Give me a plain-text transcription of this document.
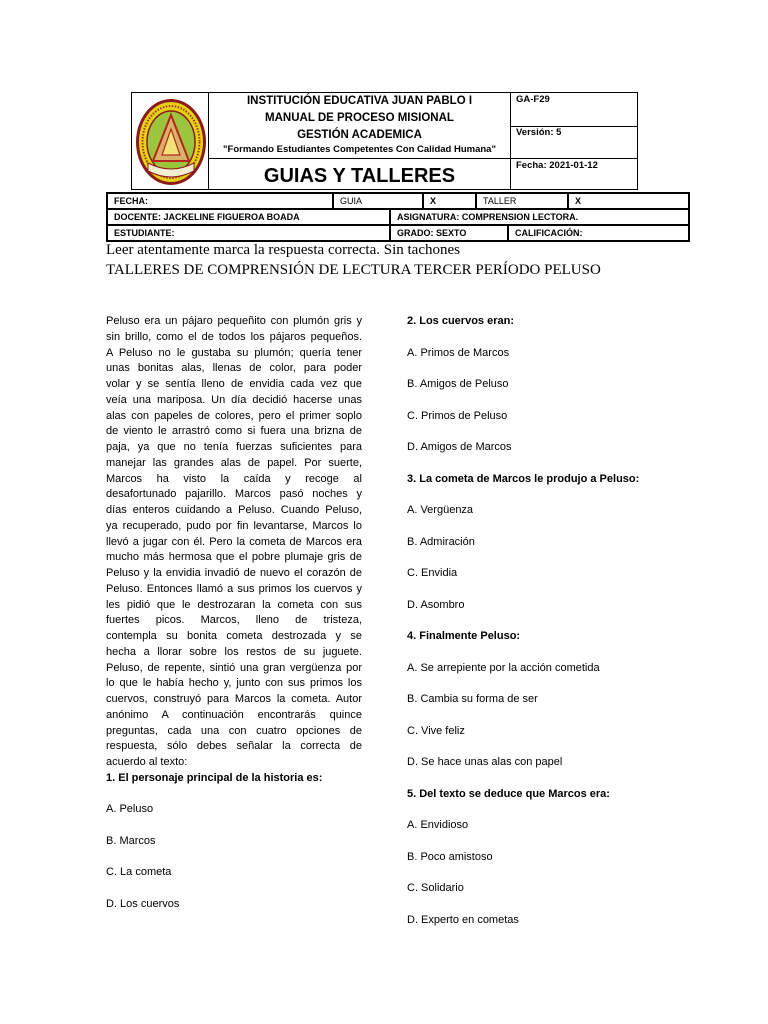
INSTITUCIÓN EDUCATIVA JUAN PABLO I
MANUAL DE PROCESO MISIONAL
GESTIÓN ACADEMICA
"Formando Estudiantes Competentes Con Calidad Humana"
GUIAS Y TALLERES
GA-F29
Versión: 5
Fecha: 2021-01-12
FECHA:	GUIA	X	TALLER	X
DOCENTE: JACKELINE FIGUEROA BOADA	ASIGNATURA: COMPRENSION LECTORA.
ESTUDIANTE:	GRADO: SEXTO	CALIFICACIÓN:
Leer atentamente marca la respuesta correcta. Sin tachones
TALLERES DE COMPRENSIÓN DE LECTURA TERCER PERÍODO PELUSO
Peluso era un pájaro pequeñito con plumón gris y
sin brillo, como el de todos los pájaros pequeños.
A Peluso no le gustaba su plumón; quería tener
unas bonitas alas, llenas de color, para poder
volar y se sentía lleno de envidia cada vez que
veía una mariposa. Un día decidió hacerse unas
alas con papeles de colores, pero el primer soplo
de viento le arrastró como si fuera una brizna de
paja, ya que no tenía fuerzas suficientes para
manejar las grandes alas de papel. Por suerte,
Marcos ha visto la caída y recoge al
desafortunado pajarillo. Marcos pasó noches y
días enteros cuidando a Peluso. Cuando Peluso,
ya recuperado, pudo por fin levantarse, Marcos lo
llevó a jugar con él. Pero la cometa de Marcos era
mucho más hermosa que el pobre plumaje gris de
Peluso y la envidia invadió de nuevo el corazón de
Peluso. Entonces llamó a sus primos los cuervos y
les pidió que le destrozaran la cometa con sus
fuertes picos. Marcos, lleno de tristeza,
contempla su bonita cometa destrozada y se
hecha a llorar sobre los restos de su juguete.
Peluso, de repente, sintió una gran vergüenza por
lo que le había hecho y, junto con sus primos los
cuervos, construyó para Marcos la cometa. Autor
anónimo A continuación encontrarás quince
preguntas, cada una con cuatro opciones de
respuesta, sólo debes señalar la correcta de
acuerdo al texto:
1. El personaje principal de la historia es:
A. Peluso
B. Marcos
C. La cometa
D. Los cuervos
2. Los cuervos eran:
A. Primos de Marcos
B. Amigos de Peluso
C. Primos de Peluso
D. Amigos de Marcos
3. La cometa de Marcos le produjo a Peluso:
A. Vergüenza
B. Admiración
C. Envidia
D. Asombro
4. Finalmente Peluso:
A. Se arrepiente por la acción cometida
B. Cambia su forma de ser
C. Vive feliz
D. Se hace unas alas con papel
5. Del texto se deduce que Marcos era:
A. Envidioso
B. Poco amistoso
C. Solidario
D. Experto en cometas
